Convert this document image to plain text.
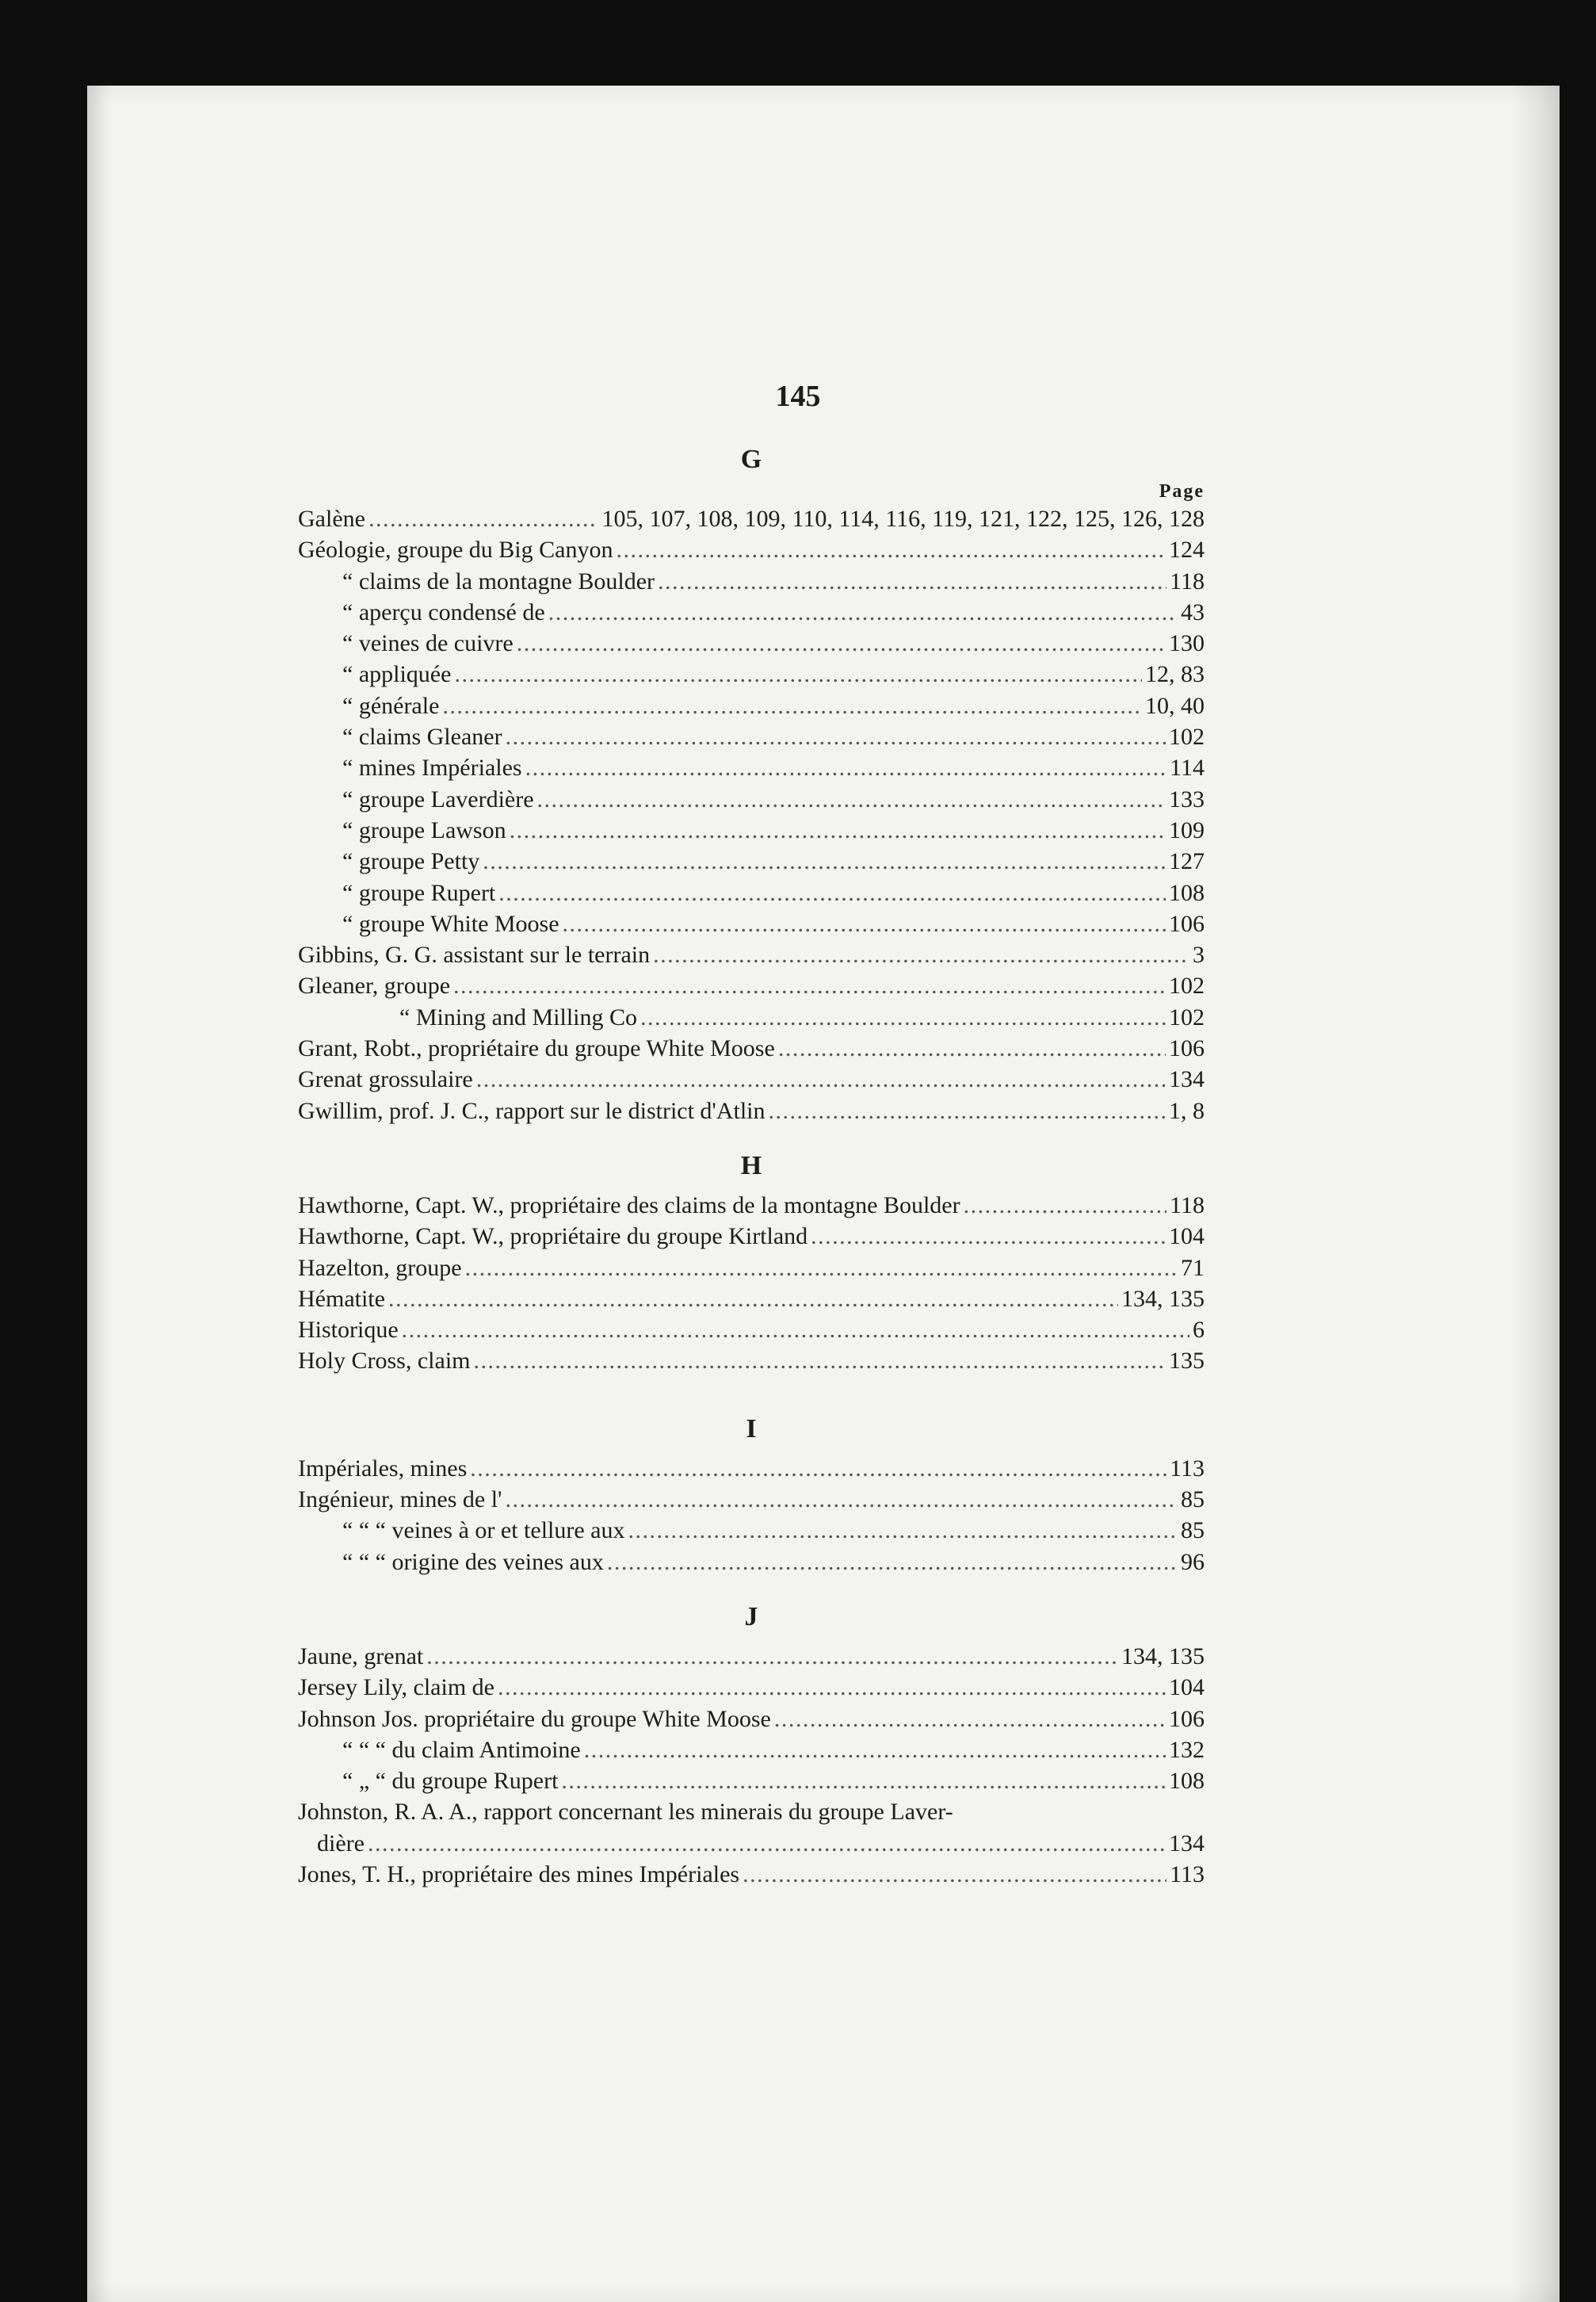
145
G
Page
Galène . . .	105, 107, 108, 109, 110, 114, 116, 119, 121, 122, 125, 126, 128
Géologie, groupe du Big Canyon . . .	124
“ claims de la montagne Boulder . . .	118
“ aperçu condensé de . . .	43
“ veines de cuivre . . .	130
“ appliquée . . .	12, 83
“ générale . . .	10, 40
“ claims Gleaner . . .	102
“ mines Impériales . . .	114
“ groupe Laverdière . . .	133
“ groupe Lawson . . .	109
“ groupe Petty . . .	127
“ groupe Rupert . . .	108
“ groupe White Moose . . .	106
Gibbins, G. G. assistant sur le terrain . . .	3
Gleaner, groupe . . .	102
“ Mining and Milling Co . . .	102
Grant, Robt., propriétaire du groupe White Moose . . .	106
Grenat grossulaire . . .	134
Gwillim, prof. J. C., rapport sur le district d'Atlin . . .	1, 8
H
Hawthorne, Capt. W., propriétaire des claims de la montagne Boulder . . .	118
Hawthorne, Capt. W., propriétaire du groupe Kirtland . . .	104
Hazelton, groupe . . .	71
Hématite . . .	134, 135
Historique . . .	6
Holy Cross, claim . . .	135
I
Impériales, mines . . .	113
Ingénieur, mines de l' . . .	85
“ “ “ veines à or et tellure aux . . .	85
“ “ “ origine des veines aux . . .	96
J
Jaune, grenat . . .	134, 135
Jersey Lily, claim de . . .	104
Johnson Jos. propriétaire du groupe White Moose . . .	106
“ “ “ du claim Antimoine . . .	132
“ „ “ du groupe Rupert . . .	108
Johnston, R. A. A., rapport concernant les minerais du groupe Laver-
dière . . .	134
Jones, T. H., propriétaire des mines Impériales . . .	113
